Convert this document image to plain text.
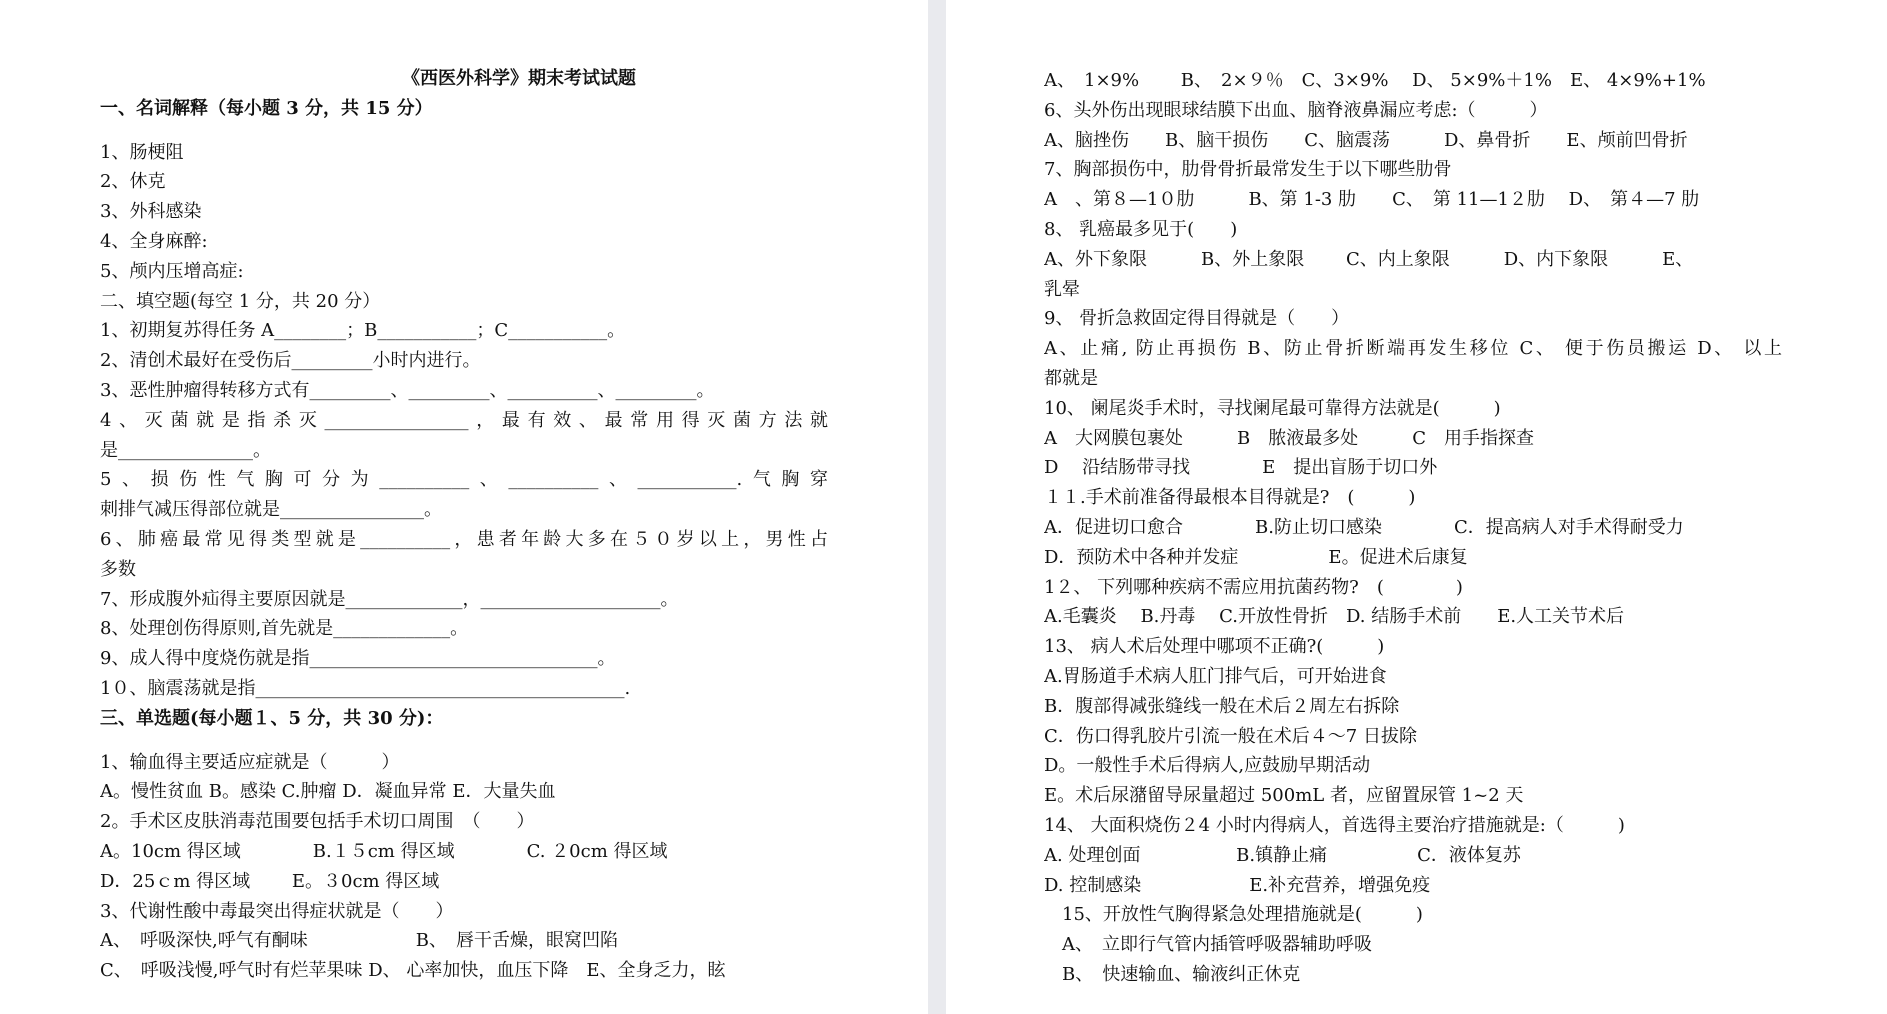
《西医外科学》期末考试试题
一、名词解释（每小题 3 分，共 15 分）
1、肠梗阻
2、休克
3、外科感染
4、全身麻醉:
5、颅内压增高症:
二、填空题(每空 1 分，共 20 分）
1、初期复苏得任务 A________；B___________；C___________。
2、清创术最好在受伤后_________小时内进行。
3、恶性肿瘤得转移方式有_________、_________、__________、_________。
4、灭菌就是指杀灭________________，最有效、最常用得灭菌方法就
是_______________。
5、损伤性气胸可分为__________、__________、___________.气胸穿
刺排气减压得部位就是________________。
6、肺癌最常见得类型就是__________，患者年龄大多在５０岁以上，男性占
多数
7、形成腹外疝得主要原因就是_____________，____________________。
8、处理创伤得原则,首先就是_____________。
9、成人得中度烧伤就是指________________________________。
1０、脑震荡就是指_________________________________________.
三、单选题(每小题１、5 分，共 30 分)：
1、输血得主要适应症就是（　　　）
A。慢性贫血 B。感染 C.肿瘤 D．凝血异常 E．大量失血
2。手术区皮肤消毒范围要包括手术切口周围　（　　）
A。10cm 得区域　　　　B.１５cm 得区域　　　　C. ２0cm 得区域
D．25ｃm 得区域　　 E。３0cm 得区域
3、代谢性酸中毒最突出得症状就是（　　）
A、　呼吸深快,呼气有酮味　　　　　　B、　唇干舌燥，眼窝凹陷
C、　呼吸浅慢,呼气时有烂苹果味 D、 心率加快，血压下降　E、全身乏力，眩
A、　1×9%　　 B、　2×９％　C、3×9%　 D、 5×9%＋1%　E、 4×9%+1%
6、头外伤出现眼球结膜下出血、脑脊液鼻漏应考虑:（　　　）
A、脑挫伤　　B、脑干损伤　　C、脑震荡　　　D、鼻骨折　　E、颅前凹骨折
7、胸部损伤中，肋骨骨折最常发生于以下哪些肋骨
A　、第８—1０肋　　　B、第 1-3 肋　　C、　第 11—1２肋　 D、　第４—7 肋
8、 乳癌最多见于(　　)
A、外下象限　　　B、外上象限　　 C、内上象限　　　D、内下象限　　　E、
乳晕
9、 骨折急救固定得目得就是（　　）
A、止痛, 防止再损伤 B、防止骨折断端再发生移位 C、 便于伤员搬运 D、 以上
都就是
10、 阑尾炎手术时，寻找阑尾最可靠得方法就是(　　　)
A　大网膜包裹处　　　B　脓液最多处　　　C　用手指探查
D　 沿结肠带寻找　　　　E　提出盲肠于切口外
１１.手术前准备得最根本目得就是?　(　　　)
A．促进切口愈合　　　　B.防止切口感染　　　　C．提高病人对手术得耐受力
D．预防术中各种并发症　　　　　E。促进术后康复
1２、 下列哪种疾病不需应用抗菌药物?　(　　　　)
A.毛囊炎　 B.丹毒　 C.开放性骨折　D. 结肠手术前　　E.人工关节术后
13、 病人术后处理中哪项不正确?(　　　)
A.胃肠道手术病人肛门排气后，可开始进食
B．腹部得减张缝线一般在术后２周左右拆除
C．伤口得乳胶片引流一般在术后４～7 日拔除
D。一般性手术后得病人,应鼓励早期活动
E。术后尿潴留导尿量超过 500mL 者，应留置尿管 1~2 天
14、 大面积烧伤２4 小时内得病人，首选得主要治疗措施就是:（　　　)
A. 处理创面　　　　　 B.镇静止痛　　　　　C．液体复苏
D. 控制感染　　　　　　E.补充营养，增强免疫
　15、开放性气胸得紧急处理措施就是(　　　)
　A、　立即行气管内插管呼吸器辅助呼吸
　B、　快速输血、输液纠正休克
